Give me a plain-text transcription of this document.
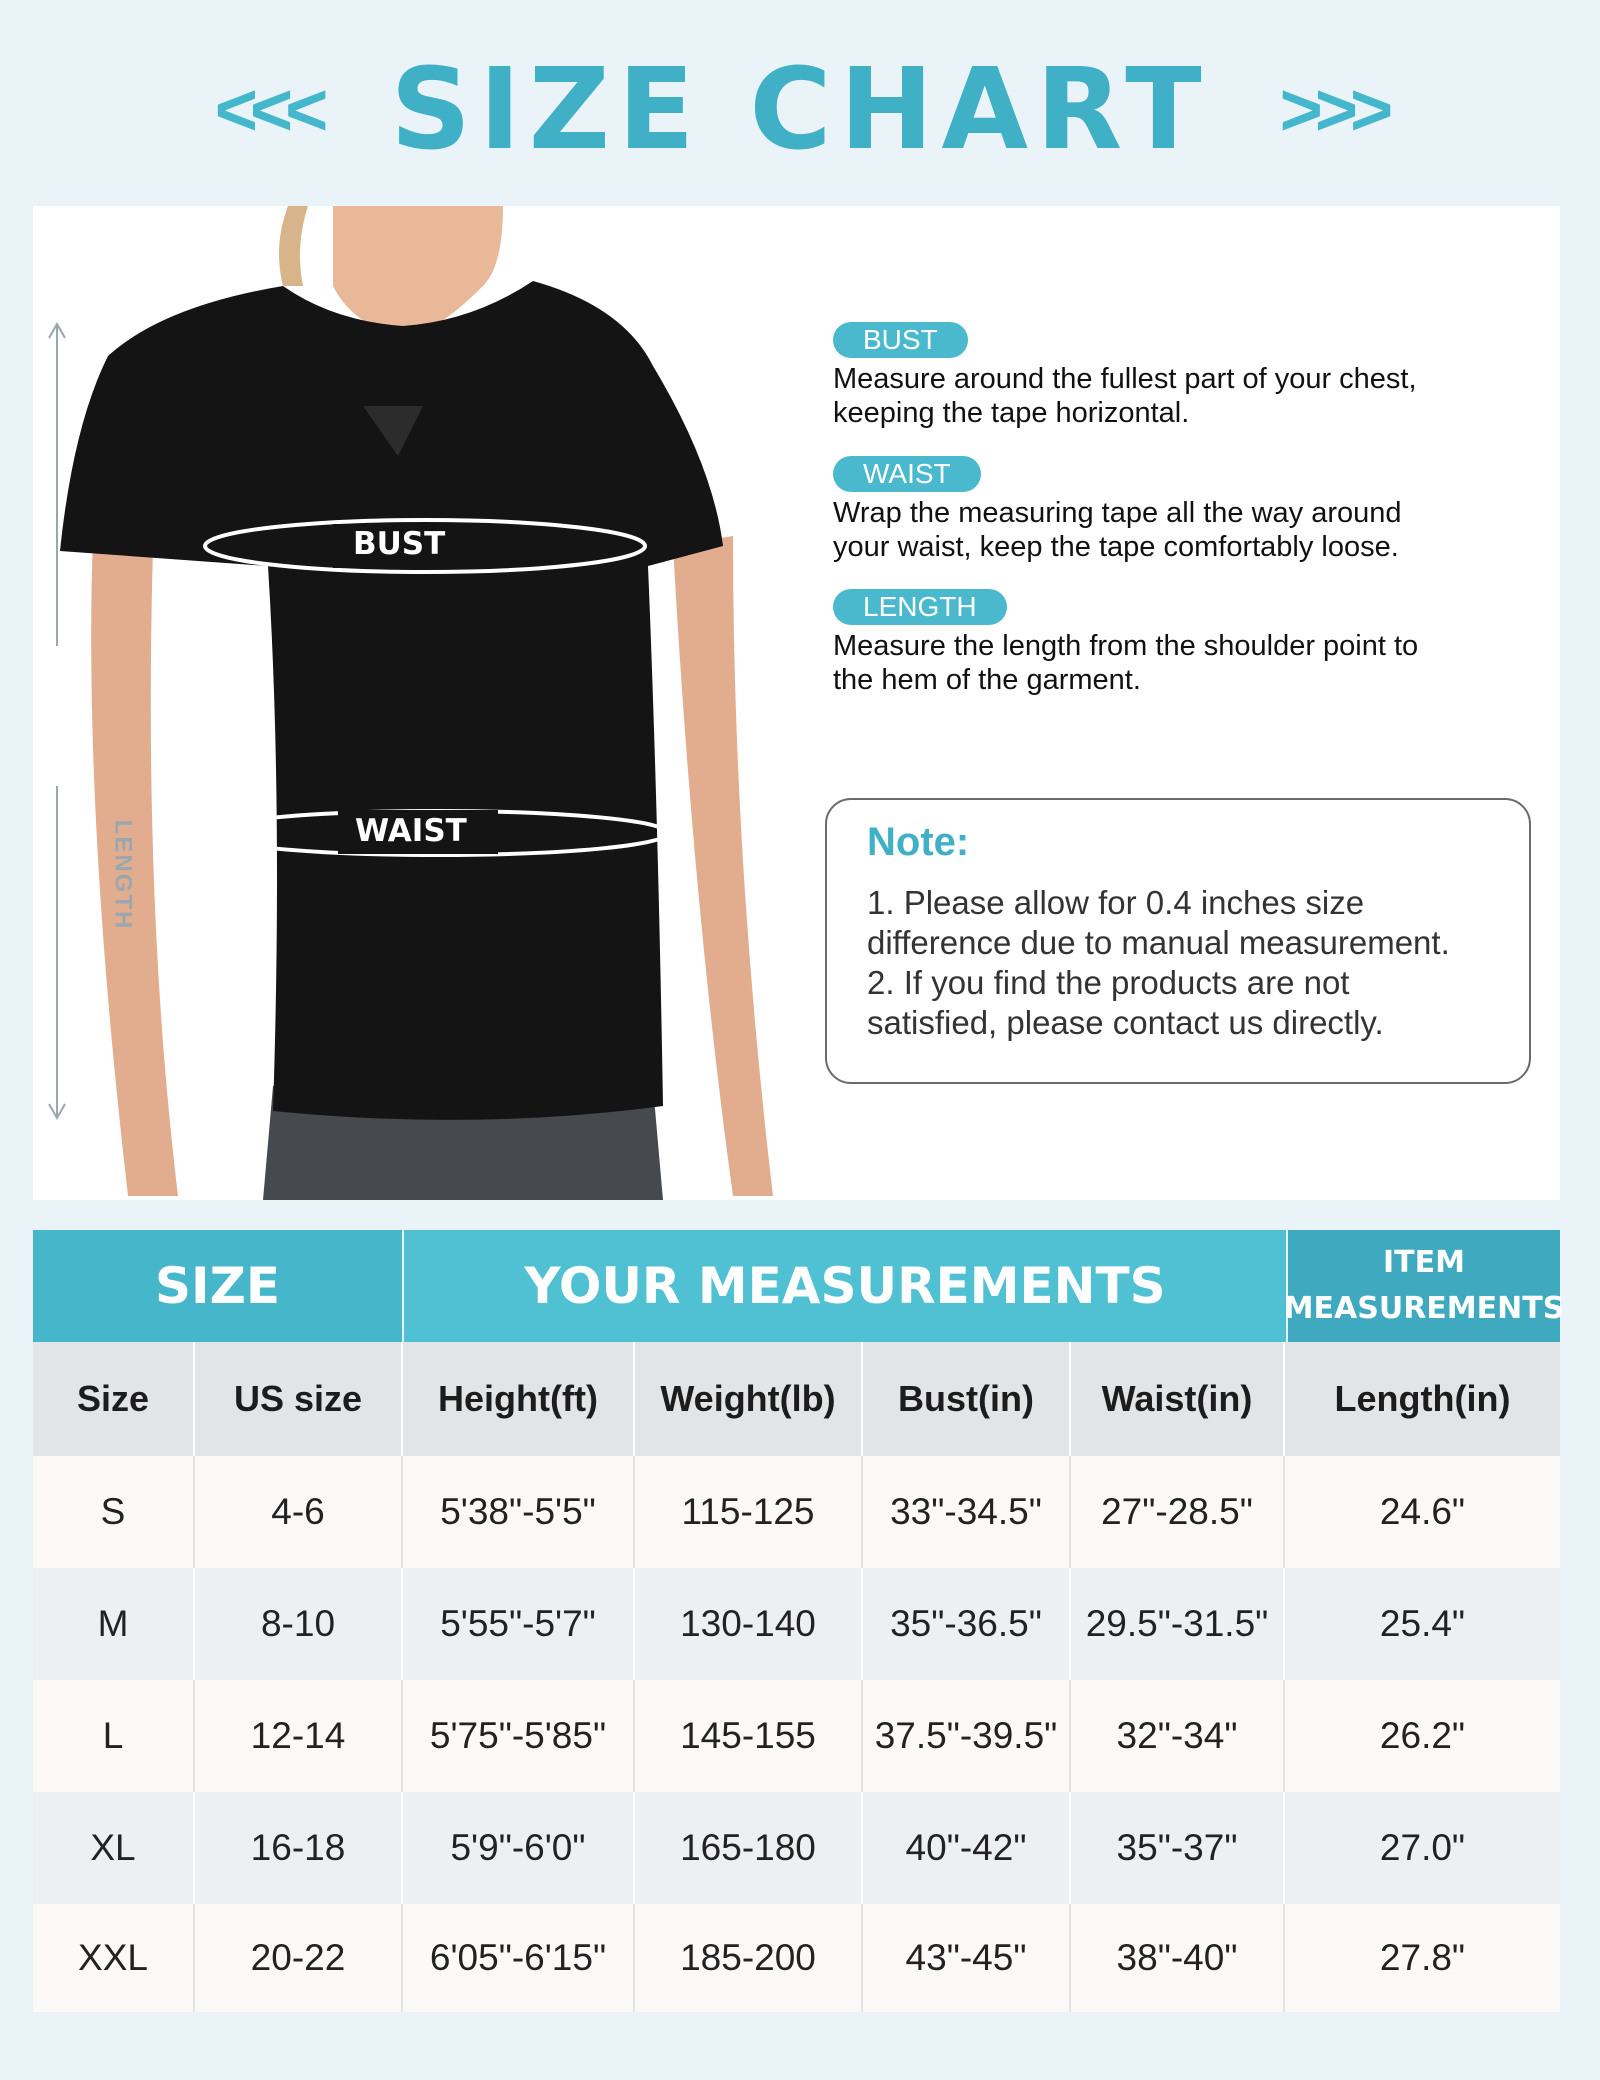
<<< SIZE CHART >>>
LENGTH
BUST
WAIST
BUST
Measure around the fullest part of your chest,
keeping the tape horizontal.
WAIST
Wrap the measuring tape all the way around
your waist, keep the tape comfortably loose.
LENGTH
Measure the length from the shoulder point to
the hem of the garment.
Note:
1. Please allow for 0.4 inches size
difference due to manual measurement.
2. If you find the products are not
satisfied, please contact us directly.
SIZE	YOUR MEASUREMENTS	ITEM
MEASUREMENTS
Size	US size	Height(ft)	Weight(lb)	Bust(in)	Waist(in)	Length(in)
S	4-6	5'38"-5'5"	115-125	33"-34.5"	27"-28.5"	24.6"
M	8-10	5'55"-5'7"	130-140	35"-36.5"	29.5"-31.5"	25.4"
L	12-14	5'75"-5'85"	145-155	37.5"-39.5"	32"-34"	26.2"
XL	16-18	5'9"-6'0"	165-180	40"-42"	35"-37"	27.0"
XXL	20-22	6'05"-6'15"	185-200	43"-45"	38"-40"	27.8"
